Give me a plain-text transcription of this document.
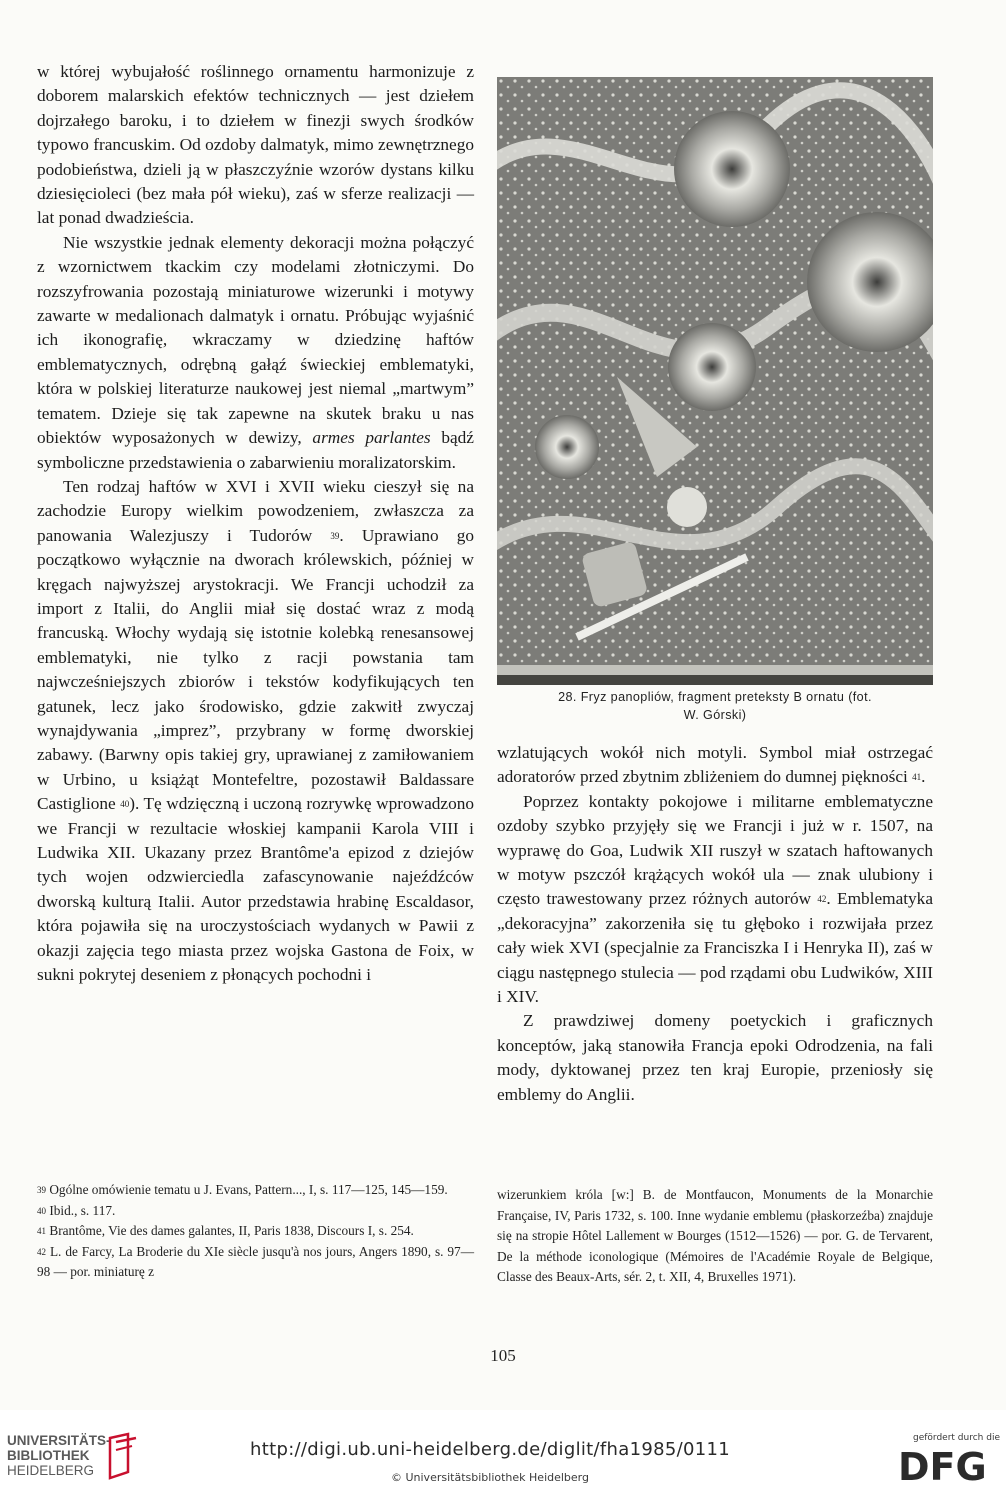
w której wybujałość roślinnego ornamentu harmonizuje z doborem malarskich efektów technicznych — jest dziełem dojrzałego baroku, i to dziełem w finezji swych środków typowo francuskim. Od ozdoby dalmatyk, mimo zewnętrznego podobieństwa, dzieli ją w płaszczyźnie wzorów dystans kilku dziesięcioleci (bez mała pół wieku), zaś w sferze realizacji — lat ponad dwadzieścia.

Nie wszystkie jednak elementy dekoracji można połączyć z wzornictwem tkackim czy modelami złotniczymi. Do rozszyfrowania pozostają miniaturowe wizerunki i motywy zawarte w medalionach dalmatyk i ornatu. Próbując wyjaśnić ich ikonografię, wkraczamy w dziedzinę haftów emblematycznych, odrębną gałąź świeckiej emblematyki, która w polskiej literaturze naukowej jest niemal „martwym” tematem. Dzieje się tak zapewne na skutek braku u nas obiektów wyposażonych w dewizy, armes parlantes bądź symboliczne przedstawienia o zabarwieniu moralizatorskim.

Ten rodzaj haftów w XVI i XVII wieku cieszył się na zachodzie Europy wielkim powodzeniem, zwłaszcza za panowania Walezjuszy i Tudorów $^{39}$. Uprawiano go początkowo wyłącznie na dworach królewskich, później w kręgach najwyższej arystokracji. We Francji uchodził za import z Italii, do Anglii miał się dostać wraz z modą francuską. Włochy wydają się istotnie kolebką renesansowej emblematyki, nie tylko z racji powstania tam najwcześniejszych zbiorów i tekstów kodyfikujących ten gatunek, lecz jako środowisko, gdzie zakwitł zwyczaj wynajdywania „imprez”, przybrany w formę dworskiej zabawy. (Barwny opis takiej gry, uprawianej z zamiłowaniem w Urbino, u książąt Montefeltre, pozostawił Baldassare Castiglione $^{40}$). Tę wdzięczną i uczoną rozrywkę wprowadzono we Francji w rezultacie włoskiej kampanii Karola VIII i Ludwika XII. Ukazany przez Brantôme'a epizod z dziejów tych wojen odzwierciedla zafascynowanie najeźdźców dworską kulturą Italii. Autor przedstawia hrabinę Escaldasor, która pojawiła się na uroczystościach wydanych w Pawii z okazji zajęcia tego miasta przez wojska Gastona de Foix, w sukni pokrytej deseniem z płonących pochodni i

28. Fryz panopliów, fragment preteksty B ornatu (fot.
W. Górski)

wzlatujących wokół nich motyli. Symbol miał ostrzegać adoratorów przed zbytnim zbliżeniem do dumnej piękności $^{41}$.

Poprzez kontakty pokojowe i militarne emblematyczne ozdoby szybko przyjęły się we Francji i już w r. 1507, na wyprawę do Goa, Ludwik XII ruszył w szatach haftowanych w motyw pszczół krążących wokół ula — znak ulubiony i często trawestowany przez różnych autorów $^{42}$. Emblematyka „dekoracyjna” zakorzeniła się tu głęboko i rozwijała przez cały wiek XVI (specjalnie za Franciszka I i Henryka II), zaś w ciągu następnego stulecia — pod rządami obu Ludwików, XIII i XIV.

Z prawdziwej domeny poetyckich i graficznych konceptów, jaką stanowiła Francja epoki Odrodzenia, na fali mody, dyktowanej przez ten kraj Europie, przeniosły się emblemy do Anglii.

$^{39}$ Ogólne omówienie tematu u J. Evans, Pattern..., I, s. 117—125, 145—159.

$^{40}$ Ibid., s. 117.

$^{41}$ Brantôme, Vie des dames galantes, II, Paris 1838, Discours I, s. 254.

$^{42}$ L. de Farcy, La Broderie du XIe siècle jusqu'à nos jours, Angers 1890, s. 97—98 — por. miniaturę z

wizerunkiem króla [w:] B. de Montfaucon, Monuments de la Monarchie Française, IV, Paris 1732, s. 100. Inne wydanie emblemu (płaskorzeźba) znajduje się na stropie Hôtel Lallement w Bourges (1512—1526) — por. G. de Tervarent, De la méthode iconologique (Mémoires de l'Académie Royale de Belgique, Classe des Beaux-Arts, sér. 2, t. XII, 4, Bruxelles 1971).

105
UNIVERSITÄTS-
BIBLIOTHEK
HEIDELBERG
http://digi.ub.uni-heidelberg.de/diglit/fha1985/0111
© Universitätsbibliothek Heidelberg
gefördert durch die
DFG
